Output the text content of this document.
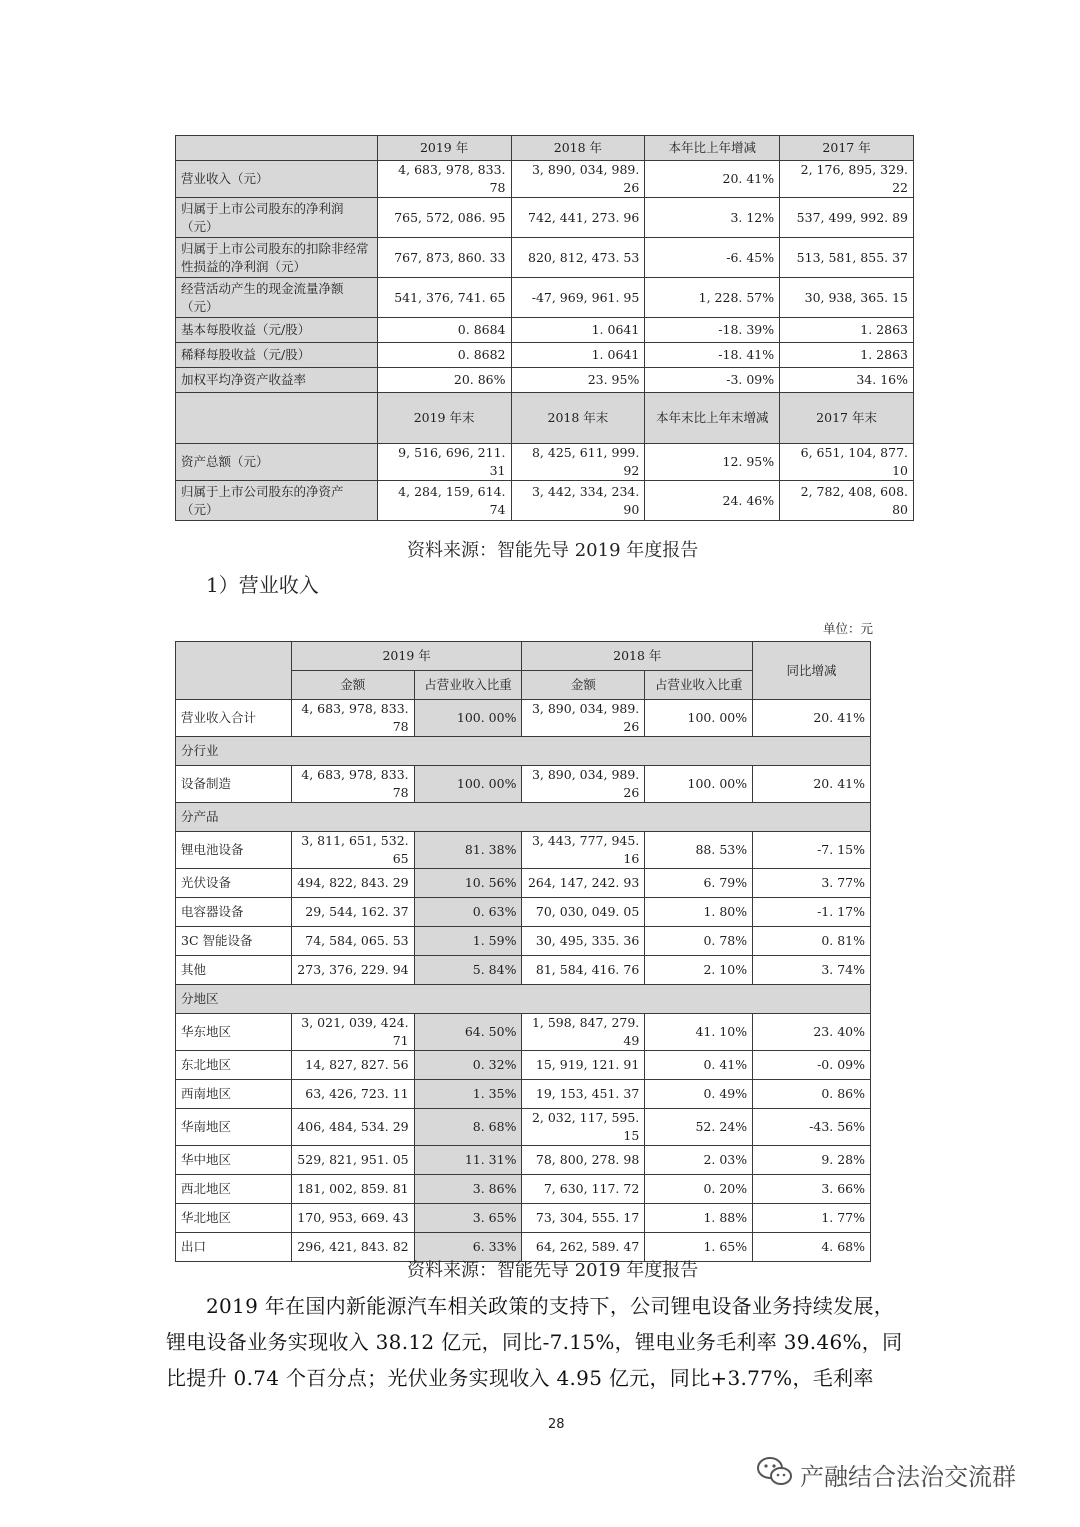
	2019 年	2018 年	本年比上年增减	2017 年
营业收入（元）	4, 683, 978, 833. 78	3, 890, 034, 989. 26	20. 41%	2, 176, 895, 329. 22
归属于上市公司股东的净利润（元）	765, 572, 086. 95	742, 441, 273. 96	3. 12%	537, 499, 992. 89
归属于上市公司股东的扣除非经常性损益的净利润（元）	767, 873, 860. 33	820, 812, 473. 53	-6. 45%	513, 581, 855. 37
经营活动产生的现金流量净额（元）	541, 376, 741. 65	-47, 969, 961. 95	1, 228. 57%	30, 938, 365. 15
基本每股收益（元/股）	0. 8684	1. 0641	-18. 39%	1. 2863
稀释每股收益（元/股）	0. 8682	1. 0641	-18. 41%	1. 2863
加权平均净资产收益率	20. 86%	23. 95%	-3. 09%	34. 16%
	2019 年末	2018 年末	本年末比上年末增减	2017 年末
资产总额（元）	9, 516, 696, 211. 31	8, 425, 611, 999. 92	12. 95%	6, 651, 104, 877. 10
归属于上市公司股东的净资产（元）	4, 284, 159, 614. 74	3, 442, 334, 234. 90	24. 46%	2, 782, 408, 608. 80
资料来源：智能先导 2019 年度报告
1）营业收入
单位：元
	2019 年		2018 年		同比增减
	金额	占营业收入比重	金额	占营业收入比重	
营业收入合计	4, 683, 978, 833. 78	100. 00%	3, 890, 034, 989. 26	100. 00%	20. 41%
分行业					
设备制造	4, 683, 978, 833. 78	100. 00%	3, 890, 034, 989. 26	100. 00%	20. 41%
分产品					
锂电池设备	3, 811, 651, 532. 65	81. 38%	3, 443, 777, 945. 16	88. 53%	-7. 15%
光伏设备	494, 822, 843. 29	10. 56%	264, 147, 242. 93	6. 79%	3. 77%
电容器设备	29, 544, 162. 37	0. 63%	70, 030, 049. 05	1. 80%	-1. 17%
3C 智能设备	74, 584, 065. 53	1. 59%	30, 495, 335. 36	0. 78%	0. 81%
其他	273, 376, 229. 94	5. 84%	81, 584, 416. 76	2. 10%	3. 74%
分地区					
华东地区	3, 021, 039, 424. 71	64. 50%	1, 598, 847, 279. 49	41. 10%	23. 40%
东北地区	14, 827, 827. 56	0. 32%	15, 919, 121. 91	0. 41%	-0. 09%
西南地区	63, 426, 723. 11	1. 35%	19, 153, 451. 37	0. 49%	0. 86%
华南地区	406, 484, 534. 29	8. 68%	2, 032, 117, 595. 15	52. 24%	-43. 56%
华中地区	529, 821, 951. 05	11. 31%	78, 800, 278. 98	2. 03%	9. 28%
西北地区	181, 002, 859. 81	3. 86%	7, 630, 117. 72	0. 20%	3. 66%
华北地区	170, 953, 669. 43	3. 65%	73, 304, 555. 17	1. 88%	1. 77%
出口	296, 421, 843. 82	6. 33%	64, 262, 589. 47	1. 65%	4. 68%
资料来源：智能先导 2019 年度报告
2019 年在国内新能源汽车相关政策的支持下，公司锂电设备业务持续发展，
锂电设备业务实现收入 38.12 亿元，同比-7.15%，锂电业务毛利率 39.46%，同
比提升 0.74 个百分点；光伏业务实现收入 4.95 亿元，同比+3.77%，毛利率
28
产融结合法治交流群
